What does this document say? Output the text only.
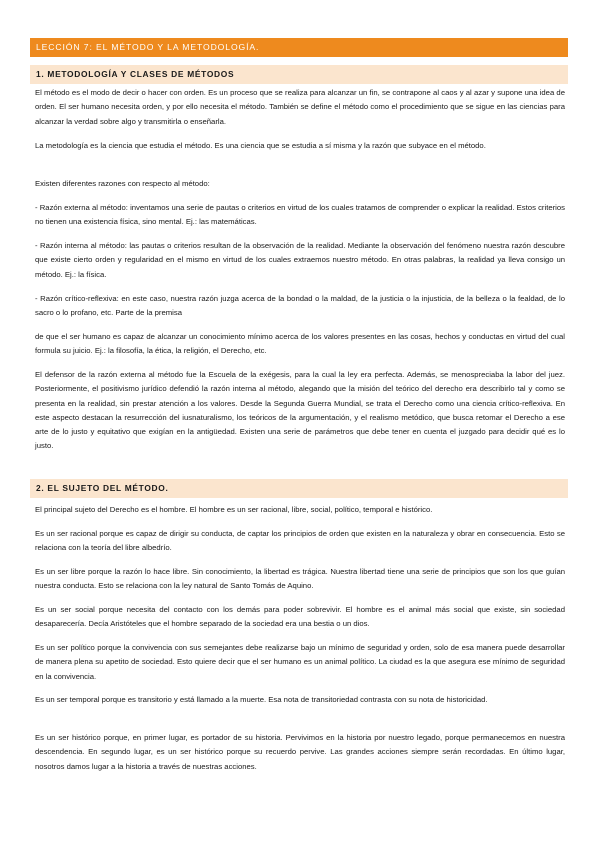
LECCIÓN 7: EL MÉTODO Y LA METODOLOGÍA.
1. METODOLOGÍA Y CLASES DE MÉTODOS

El método es el modo de decir o hacer con orden. Es un proceso que se realiza para alcanzar un fin, se contrapone al caos y al azar y supone una idea de orden. El ser humano necesita orden, y por ello necesita el método. También se define el método como el procedimiento que se sigue en las ciencias para alcanzar la verdad sobre algo y transmitirla o enseñarla.

La metodología es la ciencia que estudia el método. Es una ciencia que se estudia a sí misma y la razón que subyace en el método.

Existen diferentes razones con respecto al método:

- Razón externa al método: inventamos una serie de pautas o criterios en virtud de los cuales tratamos de comprender o explicar la realidad. Estos criterios no tienen una existencia física, sino mental. Ej.: las matemáticas.

- Razón interna al método: las pautas o criterios resultan de la observación de la realidad. Mediante la observación del fenómeno nuestra razón descubre que existe cierto orden y regularidad en el mismo en virtud de los cuales extraemos nuestro método. En otras palabras, la realidad ya lleva consigo un método. Ej.: la física.

- Razón crítico-reflexiva: en este caso, nuestra razón juzga acerca de la bondad o la maldad, de la justicia o la injusticia, de la belleza o la fealdad, de lo sacro o lo profano, etc. Parte de la premisa

de que el ser humano es capaz de alcanzar un conocimiento mínimo acerca de los valores presentes en las cosas, hechos y conductas en virtud del cual formula su juicio. Ej.: la filosofía, la ética, la religión, el Derecho, etc.

El defensor de la razón externa al método fue la Escuela de la exégesis, para la cual la ley era perfecta. Además, se menospreciaba la labor del juez. Posteriormente, el positivismo jurídico defendió la razón interna al método, alegando que la misión del teórico del derecho era describirlo tal y como se presenta en la realidad, sin prestar atención a los valores. Desde la Segunda Guerra Mundial, se trata el Derecho como una ciencia crítico-reflexiva. En este aspecto destacan la resurrección del iusnaturalismo, los teóricos de la argumentación, y el realismo metódico, que busca retomar el Derecho a ese arte de lo justo y equitativo que exigían en la antigüedad. Existen una serie de parámetros que debe tener en cuenta el juzgado para decidir qué es lo justo.

2. EL SUJETO DEL MÉTODO.

El principal sujeto del Derecho es el hombre. El hombre es un ser racional, libre, social, político, temporal e histórico.

Es un ser racional porque es capaz de dirigir su conducta, de captar los principios de orden que existen en la naturaleza y obrar en consecuencia. Esto se relaciona con la teoría del libre albedrío.

Es un ser libre porque la razón lo hace libre. Sin conocimiento, la libertad es trágica. Nuestra libertad tiene una serie de principios que son los que guían nuestra conducta. Esto se relaciona con la ley natural de Santo Tomás de Aquino.

Es un ser social porque necesita del contacto con los demás para poder sobrevivir. El hombre es el animal más social que existe, sin sociedad desaparecería. Decía Aristóteles que el hombre separado de la sociedad era una bestia o un dios.

Es un ser político porque la convivencia con sus semejantes debe realizarse bajo un mínimo de seguridad y orden, solo de esa manera puede desarrollar de manera plena su apetito de sociedad. Esto quiere decir que el ser humano es un animal político. La ciudad es la que asegura ese mínimo de seguridad en la convivencia.

Es un ser temporal porque es transitorio y está llamado a la muerte. Esa nota de transitoriedad contrasta con su nota de historicidad.

Es un ser histórico porque, en primer lugar, es portador de su historia. Pervivimos en la historia por nuestro legado, porque permanecemos en nuestra descendencia. En segundo lugar, es un ser histórico porque su recuerdo pervive. Las grandes acciones siempre serán recordadas. En último lugar, nosotros damos lugar a la historia a través de nuestras acciones.
